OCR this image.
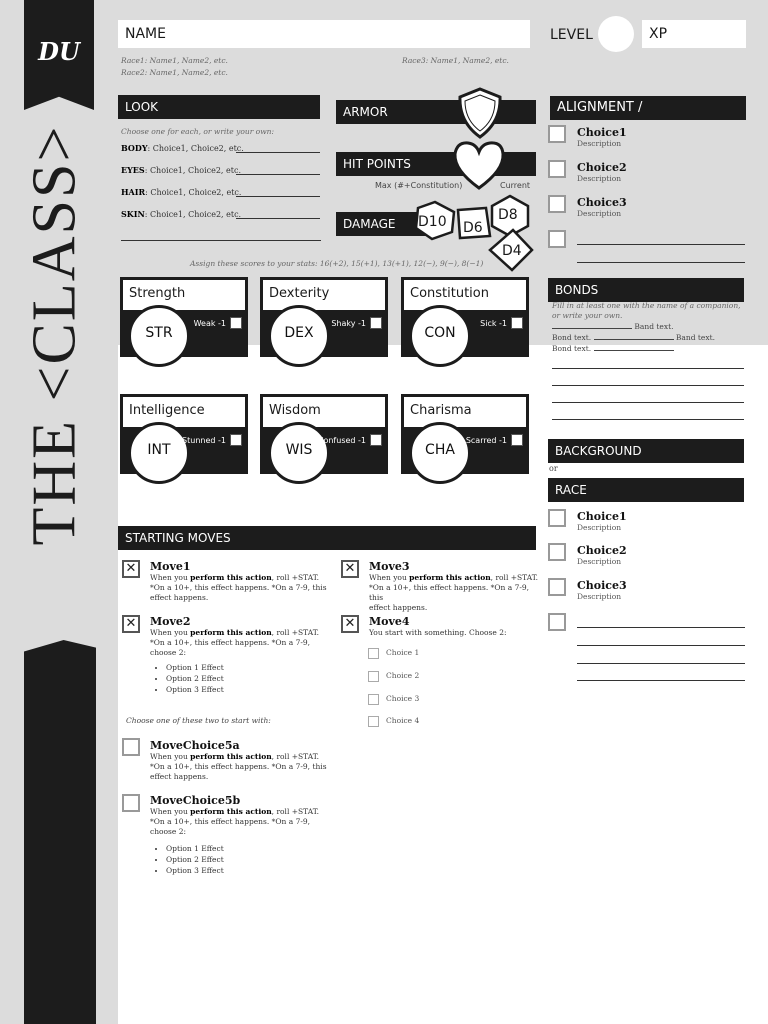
DU
THE <CLASS>
NAME	LEVEL	XP
Race1: Name1, Name2, etc.
Race2: Name1, Name2, etc.
Race3: Name1, Name2, etc.
LOOK
Choose one for each, or write your own:
BODY: Choice1, Choice2, etc.
EYES: Choice1, Choice2, etc.
HAIR: Choice1, Choice2, etc.
SKIN: Choice1, Choice2, etc.
ARMOR
HIT POINTS
Max (#+Constitution)	Current
DAMAGE	D10 D6
D8
D4
Assign these scores to your stats: 16(+2), 15(+1), 13(+1), 12(−), 9(−), 8(−1)
Strength
STR
Weak -1
Dexterity
DEX
Shaky -1
Constitution
CON
Sick -1
Intelligence
INT
Stunned -1
Wisdom
WIS
Confused -1
Charisma
CHA
Scarred -1
ALIGNMENT /
Choice1
Description
Choice2
Description
Choice3
Description
BONDS
Fill in at least one with the name of a companion, or write your own.
Band text.
Bond text.	Band text.
Bond text.
BACKGROUND
or
RACE
Choice1
Description
Choice2
Description
Choice3
Description
STARTING MOVES
✕	Move1
When you perform this action, roll +STAT.
*On a 10+, this effect happens. *On a 7-9, this
effect happens.
✕	Move2
When you perform this action, roll +STAT.
*On a 10+, this effect happens. *On a 7-9,
choose 2:
• Option 1 Effect
• Option 2 Effect
• Option 3 Effect
✕	Move3
When you perform this action, roll +STAT.
*On a 10+, this effect happens. *On a 7-9, this
effect happens.
✕	Move4
You start with something. Choose 2:
Choice 1
Choice 2
Choice 3
Choice 4
Choose one of these two to start with:
MoveChoice5a
When you perform this action, roll +STAT.
*On a 10+, this effect happens. *On a 7-9, this
effect happens.
MoveChoice5b
When you perform this action, roll +STAT.
*On a 10+, this effect happens. *On a 7-9,
choose 2:
• Option 1 Effect
• Option 2 Effect
• Option 3 Effect
